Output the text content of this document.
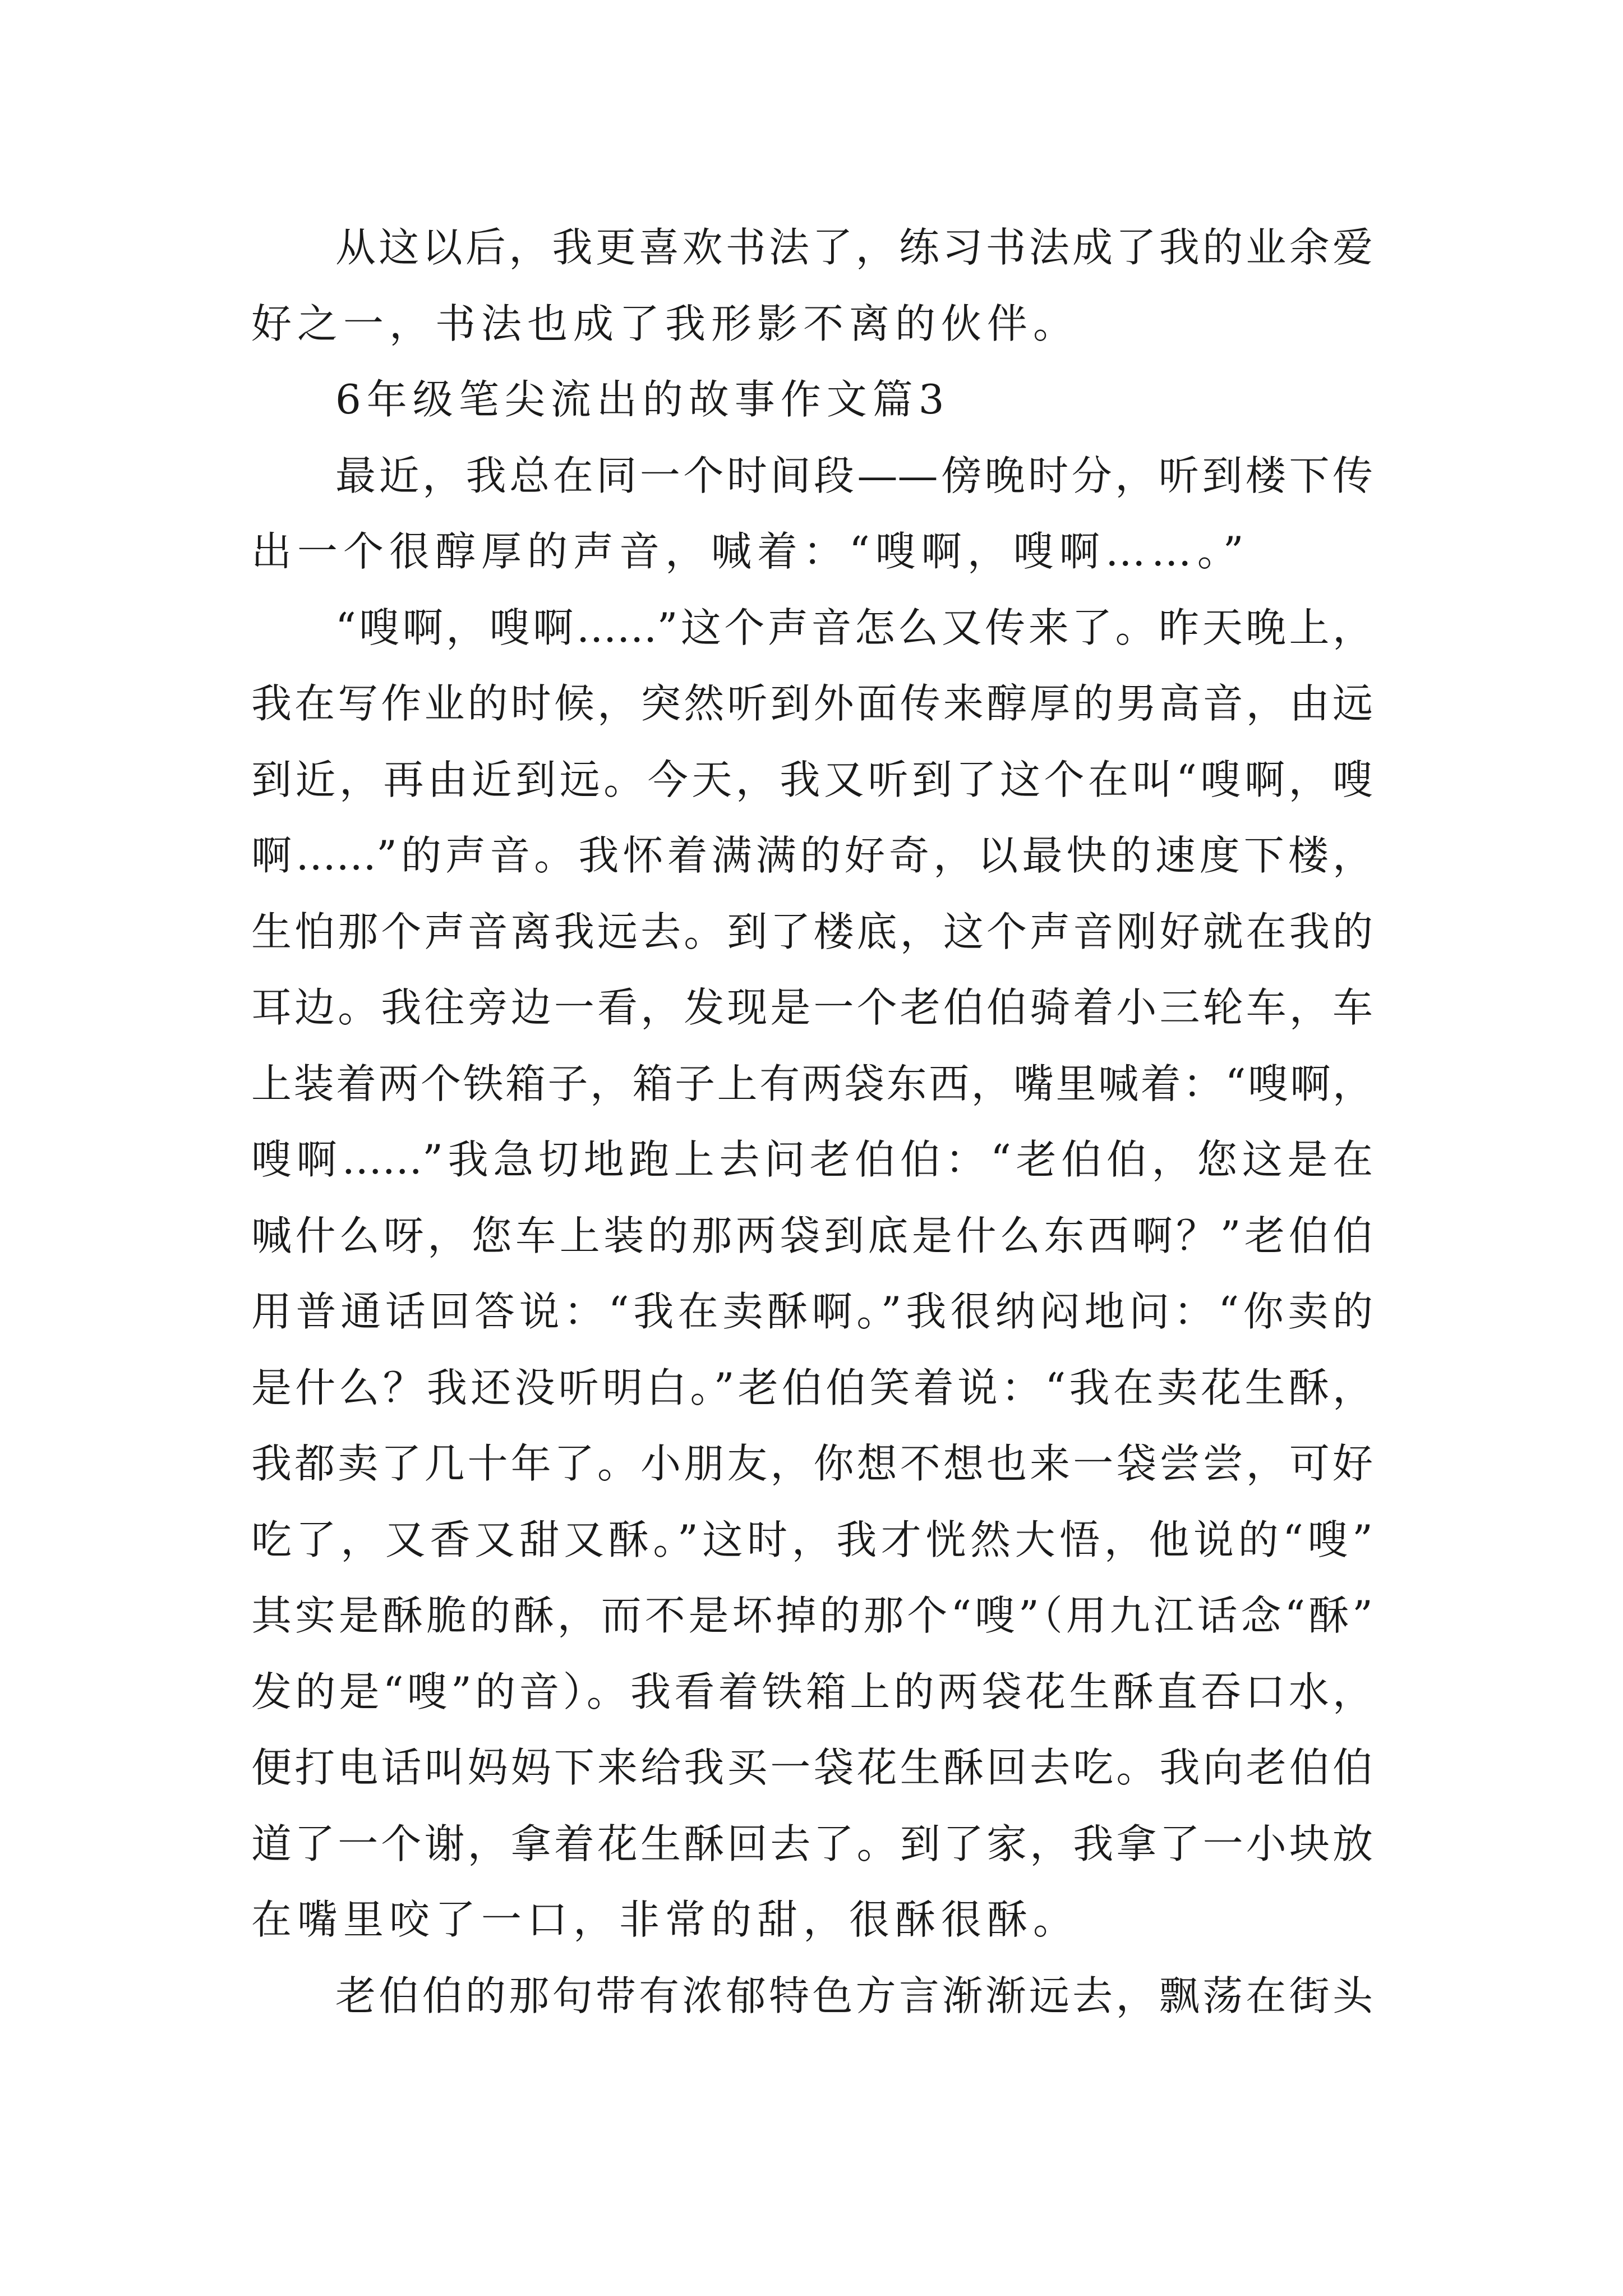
从这以后，我更喜欢书法了，练习书法成了我的业余爱
好之一，书法也成了我形影不离的伙伴。
6年级笔尖流出的故事作文篇3
最近，我总在同一个时间段——傍晚时分，听到楼下传
出一个很醇厚的声音，喊着：“嗖啊，嗖啊……。”
“嗖啊，嗖啊……”这个声音怎么又传来了。昨天晚上，
我在写作业的时候，突然听到外面传来醇厚的男高音，由远
到近，再由近到远。今天，我又听到了这个在叫“嗖啊，嗖
啊……”的声音。我怀着满满的好奇，以最快的速度下楼，
生怕那个声音离我远去。到了楼底，这个声音刚好就在我的
耳边。我往旁边一看，发现是一个老伯伯骑着小三轮车，车
上装着两个铁箱子，箱子上有两袋东西，嘴里喊着：“嗖啊，
嗖啊……”我急切地跑上去问老伯伯：“老伯伯，您这是在
喊什么呀，您车上装的那两袋到底是什么东西啊？”老伯伯
用普通话回答说：“我在卖酥啊。”我很纳闷地问：“你卖的
是什么？我还没听明白。”老伯伯笑着说：“我在卖花生酥，
我都卖了几十年了。小朋友，你想不想也来一袋尝尝，可好
吃了，又香又甜又酥。”这时，我才恍然大悟，他说的“嗖”
其实是酥脆的酥，而不是坏掉的那个“嗖”（用九江话念“酥”
发的是“嗖”的音）。我看着铁箱上的两袋花生酥直吞口水，
便打电话叫妈妈下来给我买一袋花生酥回去吃。我向老伯伯
道了一个谢，拿着花生酥回去了。到了家，我拿了一小块放
在嘴里咬了一口，非常的甜，很酥很酥。
老伯伯的那句带有浓郁特色方言渐渐远去，飘荡在街头
